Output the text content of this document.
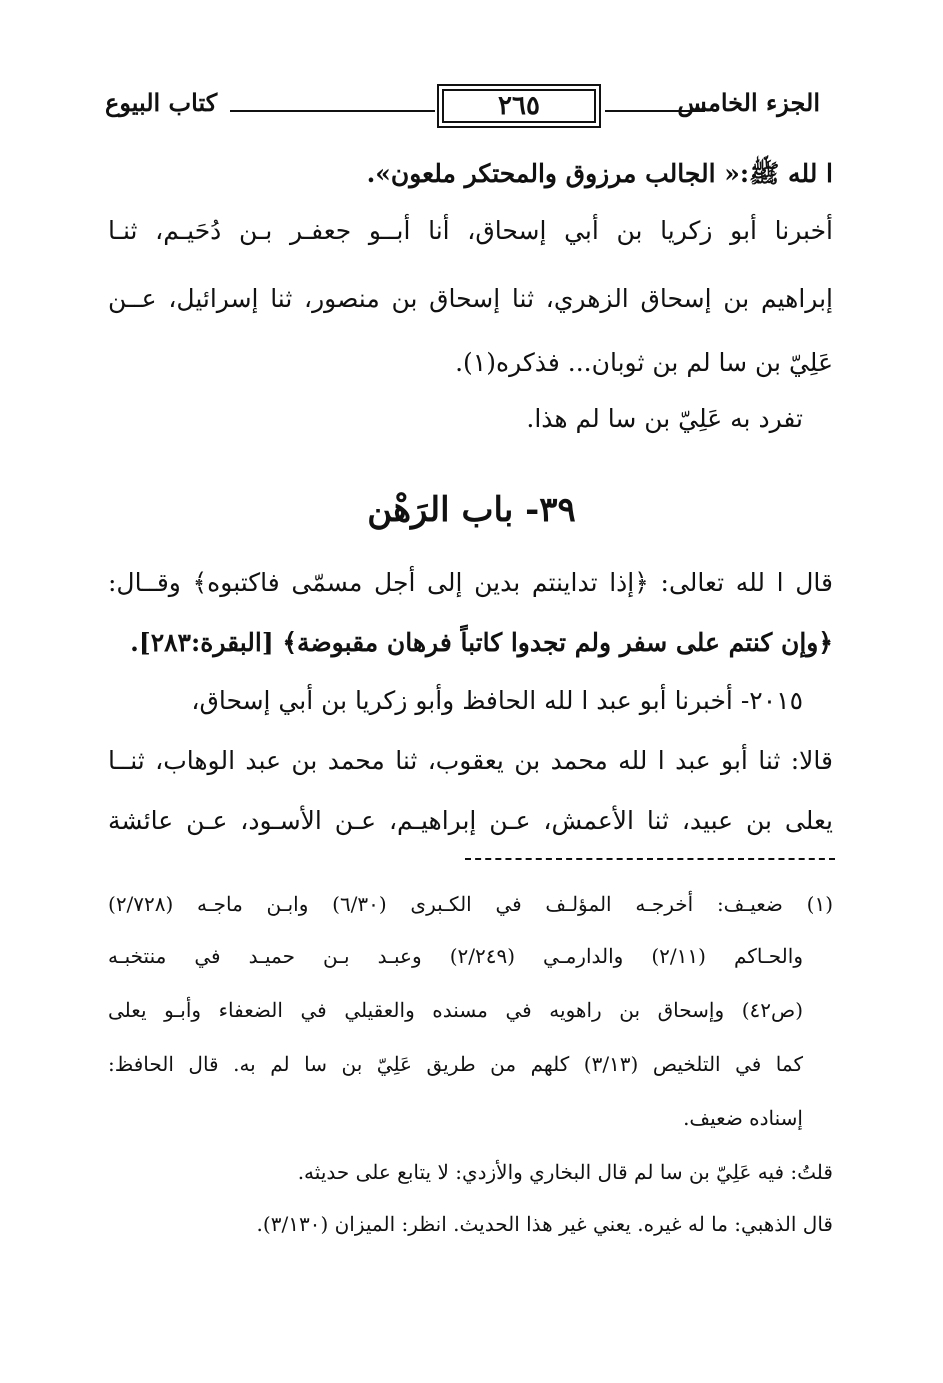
كتاب البيوع	٢٦٥	الجزء الخامس
ا لله ﷺ:« الجالب مرزوق والمحتكر ملعون».
أخبرنا أبو زكريا بن أبي إسحاق، أنا أبــو جعفـر بـن دُحَيـم، ثنـا
إبراهيم بن إسحاق الزهري، ثنا إسحاق بن منصور، ثنا إسرائيل، عــن
عَلِيّ بن سا لم بن ثوبان... فذكره(١).
تفرد به عَلِيّ بن سا لم هذا.
٣٩- باب الرَهْن
قال ا لله تعالى: ﴿إذا تداينتم بدين إلى أجل مسمّى فاكتبوه﴾ وقــال:
﴿وإن كنتم على سفر ولم تجدوا كاتباً فرهان مقبوضة﴾ [البقرة:٢٨٣].
٢٠١٥- أخبرنا أبو عبد ا لله الحافظ وأبو زكريا بن أبي إسحاق،
قالا: ثنا أبو عبد ا لله محمد بن يعقوب، ثنا محمد بن عبد الوهاب، ثنــا
يعلى بن عبيد، ثنا الأعمش، عـن إبراهيـم، عـن الأسـود، عـن عائشة
(١) ضعيـف: أخرجـه المؤلـف في الكـبرى (٦/٣٠) وابـن ماجـه (٢/٧٢٨)
والحـاكم (٢/١١) والدارمـي (٢/٢٤٩) وعبـد بـن حميـد في منتخبـه
(ص٤٢) وإسحاق بن راهويه في مسنده والعقيلي في الضعفاء وأبـو يعلى
كما في التلخيص (٣/١٣) كلهم من طريق عَلِيّ بن سا لم به. قال الحافظ:
إسناده ضعيف.
قلتُ: فيه عَلِيّ بن سا لم قال البخاري والأزدي: لا يتابع على حديثه.
قال الذهبي: ما له غيره. يعني غير هذا الحديث. انظر: الميزان (٣/١٣٠).
